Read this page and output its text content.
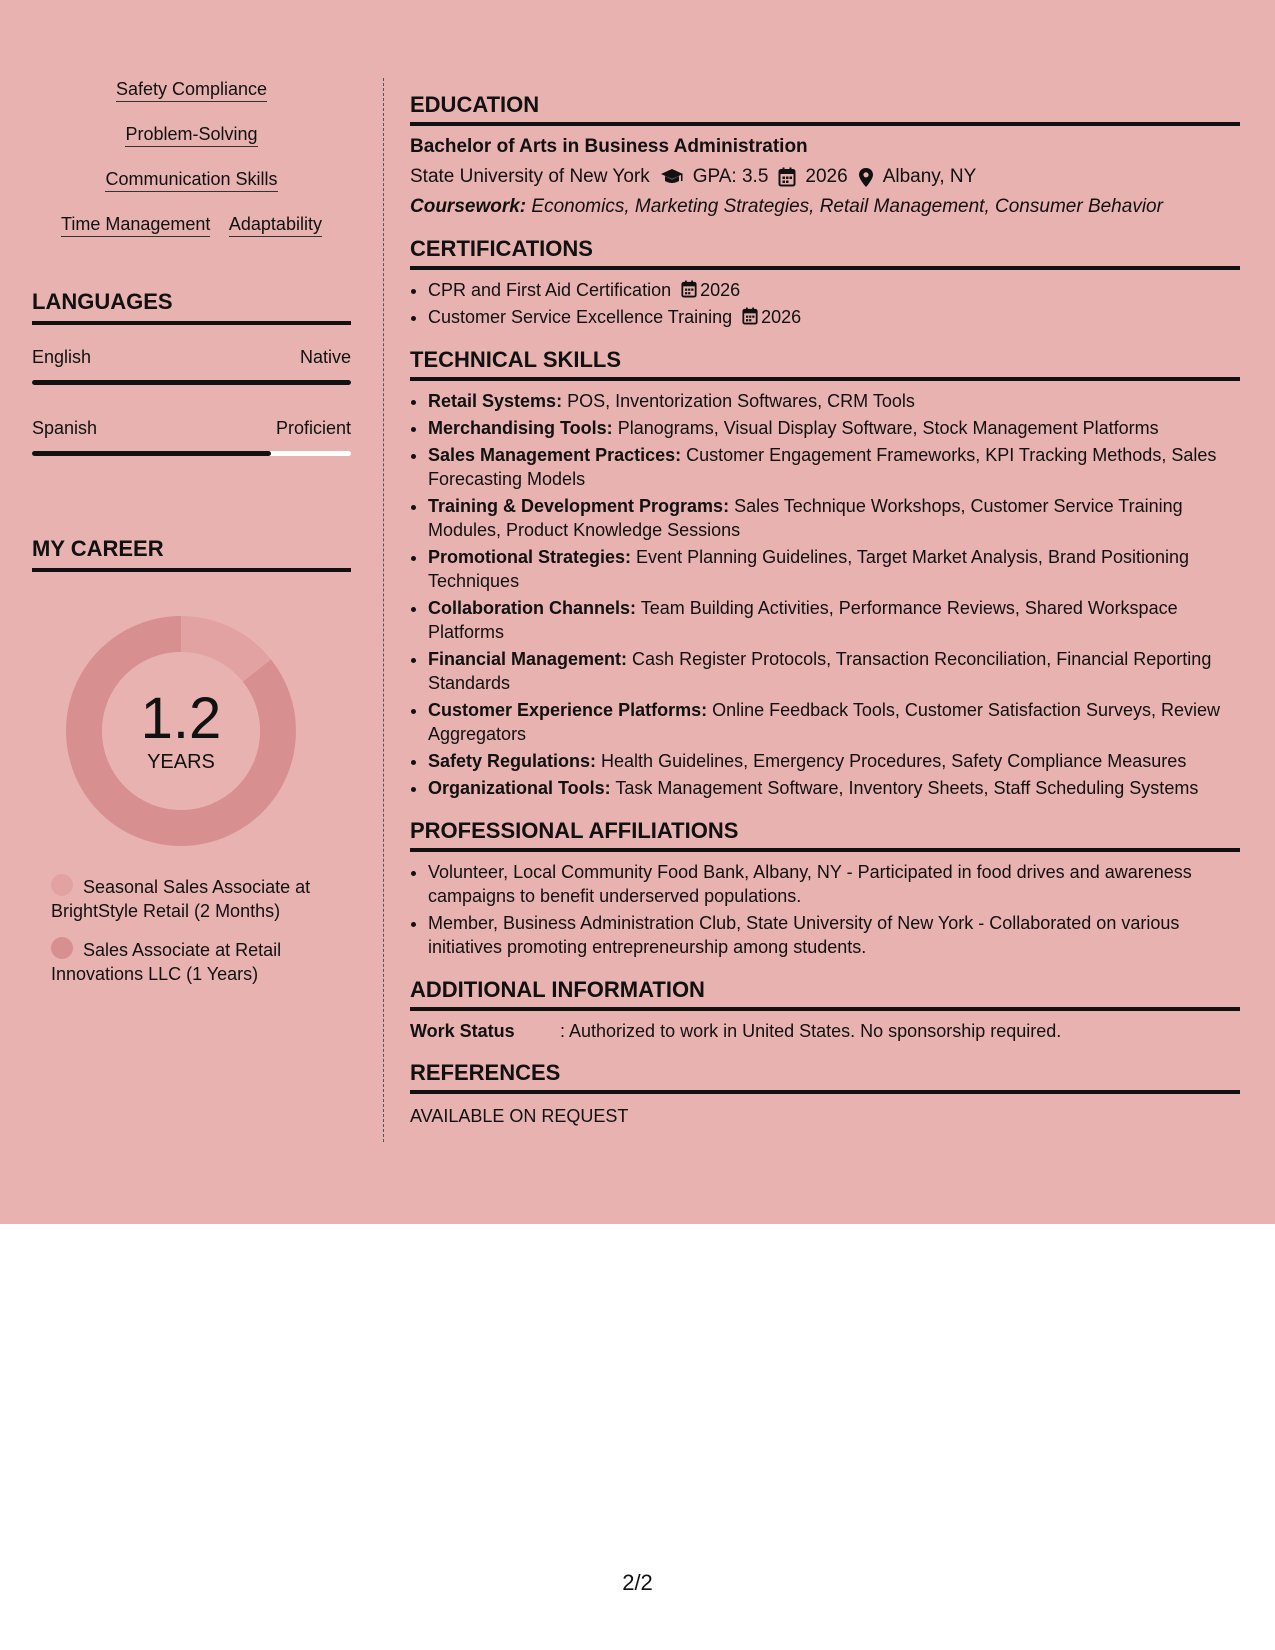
Safety Compliance
Problem-Solving
Communication Skills
Time Management Adaptability
LANGUAGES
English	Native
Spanish	Proficient
MY CAREER
1.2
YEARS
Seasonal Sales Associate at BrightStyle Retail (2 Months)
Sales Associate at Retail Innovations LLC (1 Years)
EDUCATION
Bachelor of Arts in Business Administration
State University of New York GPA: 3.5 2026 Albany, NY
Coursework: Economics, Marketing Strategies, Retail Management, Consumer Behavior
CERTIFICATIONS
• CPR and First Aid Certification 2026
• Customer Service Excellence Training 2026
TECHNICAL SKILLS
• Retail Systems: POS, Inventorization Softwares, CRM Tools
• Merchandising Tools: Planograms, Visual Display Software, Stock Management Platforms
• Sales Management Practices: Customer Engagement Frameworks, KPI Tracking Methods, Sales Forecasting Models
• Training & Development Programs: Sales Technique Workshops, Customer Service Training Modules, Product Knowledge Sessions
• Promotional Strategies: Event Planning Guidelines, Target Market Analysis, Brand Positioning Techniques
• Collaboration Channels: Team Building Activities, Performance Reviews, Shared Workspace Platforms
• Financial Management: Cash Register Protocols, Transaction Reconciliation, Financial Reporting Standards
• Customer Experience Platforms: Online Feedback Tools, Customer Satisfaction Surveys, Review Aggregators
• Safety Regulations: Health Guidelines, Emergency Procedures, Safety Compliance Measures
• Organizational Tools: Task Management Software, Inventory Sheets, Staff Scheduling Systems
PROFESSIONAL AFFILIATIONS
• Volunteer, Local Community Food Bank, Albany, NY - Participated in food drives and awareness campaigns to benefit underserved populations.
• Member, Business Administration Club, State University of New York - Collaborated on various initiatives promoting entrepreneurship among students.
ADDITIONAL INFORMATION
Work Status	: Authorized to work in United States. No sponsorship required.
REFERENCES
AVAILABLE ON REQUEST
2/2
